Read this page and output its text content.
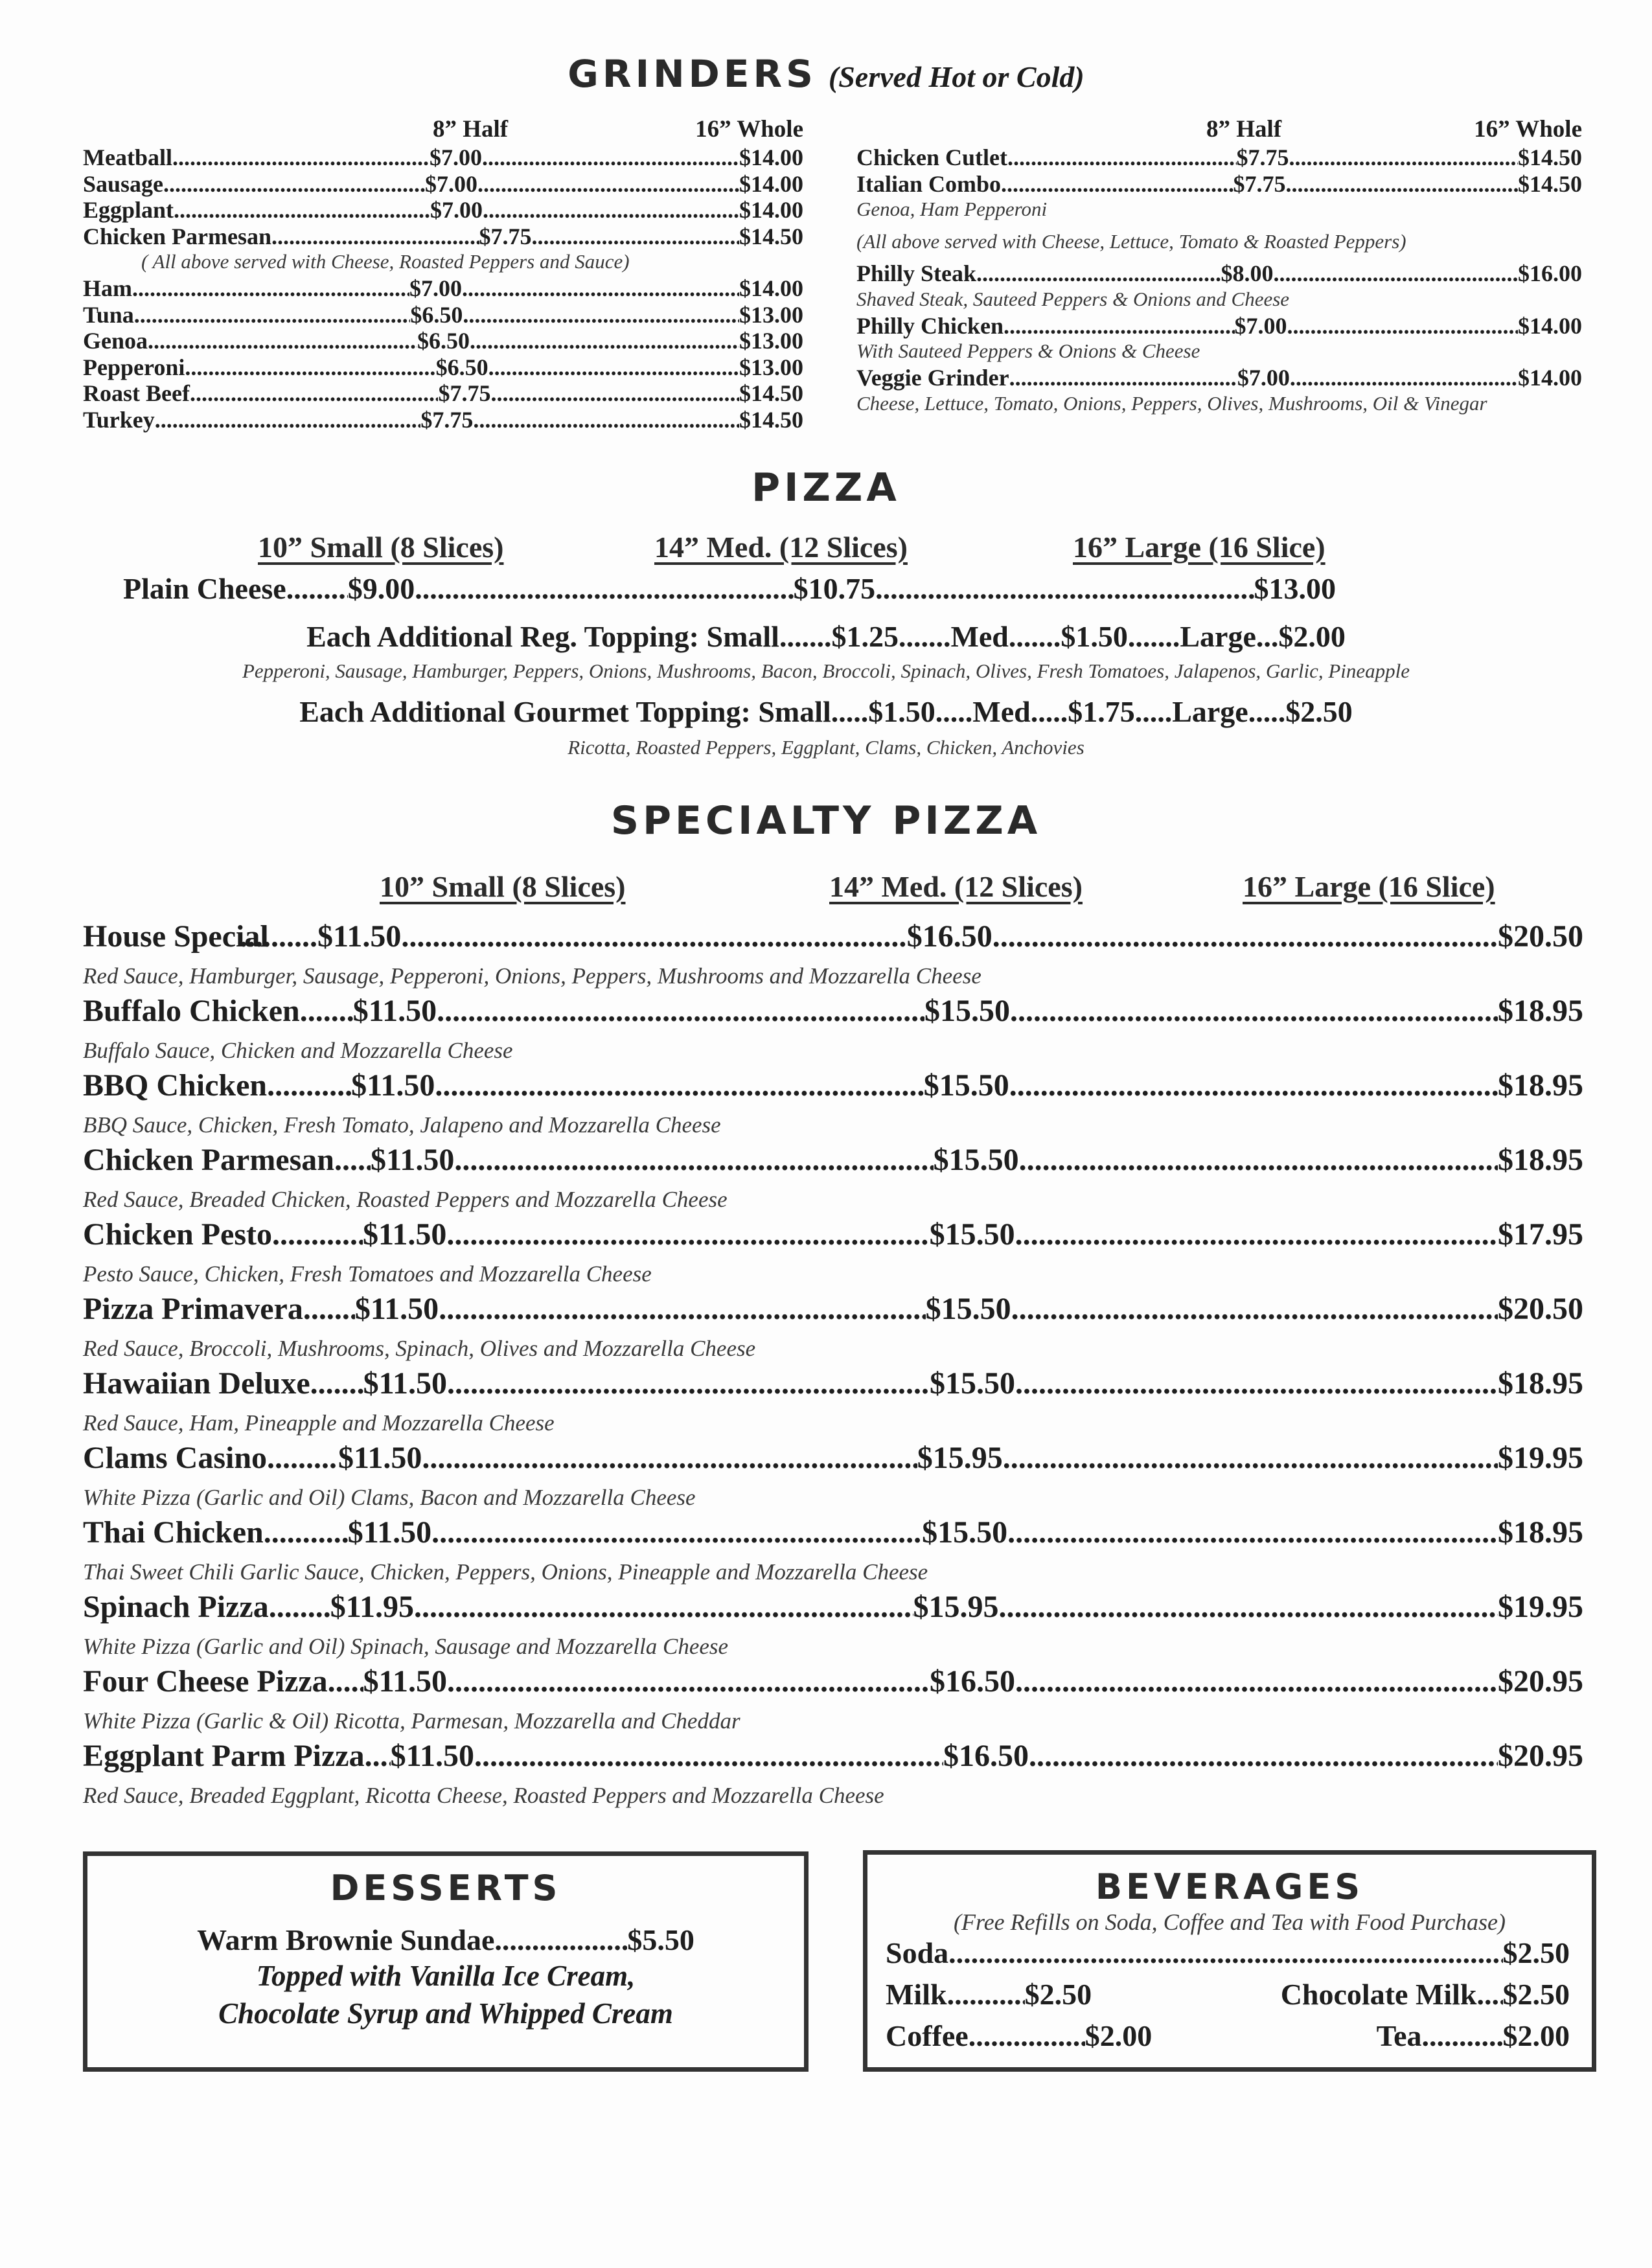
GRINDERS (Served Hot or Cold)
8” Half	16” Whole
Meatball .....	$7.00 .....	$14.00
Sausage .....	$7.00 .....	$14.00
Eggplant .....	$7.00 .....	$14.00
Chicken Parmesan .....	$7.75 .....	$14.50
( All above served with Cheese, Roasted Peppers and Sauce)
Ham .....	$7.00 .....	$14.00
Tuna .....	$6.50 .....	$13.00
Genoa .....	$6.50 .....	$13.00
Pepperoni .....	$6.50 .....	$13.00
Roast Beef .....	$7.75 .....	$14.50
Turkey .....	$7.75 .....	$14.50
8” Half	16” Whole
Chicken Cutlet .....	$7.75 .....	$14.50
Italian Combo .....	$7.75 .....	$14.50
Genoa, Ham Pepperoni
(All above served with Cheese, Lettuce, Tomato & Roasted Peppers)
Philly Steak .....	$8.00 .....	$16.00
Shaved Steak, Sauteed Peppers & Onions and Cheese
Philly Chicken .....	$7.00 .....	$14.00
With Sauteed Peppers & Onions & Cheese
Veggie Grinder .....	$7.00 .....	$14.00
Cheese, Lettuce, Tomato, Onions, Peppers, Olives, Mushrooms, Oil & Vinegar
PIZZA
10” Small (8 Slices)	14” Med. (12 Slices)	16” Large (16 Slice)
Plain Cheese ..... $9.00 .....	$10.75 .....	$13.00
Each Additional Reg. Topping: Small.......$1.25.......Med.......$1.50.......Large...$2.00
Pepperoni, Sausage, Hamburger, Peppers, Onions, Mushrooms, Bacon, Broccoli, Spinach, Olives, Fresh Tomatoes, Jalapenos, Garlic, Pineapple
Each Additional Gourmet Topping: Small.....$1.50.....Med.....$1.75.....Large.....$2.50
Ricotta, Roasted Peppers, Eggplant, Clams, Chicken, Anchovies
SPECIALTY PIZZA
10” Small (8 Slices)	14” Med. (12 Slices)	16” Large (16 Slice)
House Special ..... $11.50 .....	$16.50 .....	$20.50
Red Sauce, Hamburger, Sausage, Pepperoni, Onions, Peppers, Mushrooms and Mozzarella Cheese
Buffalo Chicken ..... $11.50 .....	$15.50 .....	$18.95
Buffalo Sauce, Chicken and Mozzarella Cheese
BBQ Chicken .....	$11.50 .....	$15.50 .....	$18.95
BBQ Sauce, Chicken, Fresh Tomato, Jalapeno and Mozzarella Cheese
Chicken Parmesan ..... $11.50 .....	$15.50 .....	$18.95
Red Sauce, Breaded Chicken, Roasted Peppers and Mozzarella Cheese
Chicken Pesto .....	$11.50 .....	$15.50 .....	$17.95
Pesto Sauce, Chicken, Fresh Tomatoes and Mozzarella Cheese
Pizza Primavera ..... $11.50 .....	$15.50 .....	$20.50
Red Sauce, Broccoli, Mushrooms, Spinach, Olives and Mozzarella Cheese
Hawaiian Deluxe ..... $11.50 .....	$15.50 .....	$18.95
Red Sauce, Ham, Pineapple and Mozzarella Cheese
Clams Casino ..... $11.50 .....	$15.95 .....	$19.95
White Pizza (Garlic and Oil) Clams, Bacon and Mozzarella Cheese
Thai Chicken .....	$11.50 .....	$15.50 .....	$18.95
Thai Sweet Chili Garlic Sauce, Chicken, Peppers, Onions, Pineapple and Mozzarella Cheese
Spinach Pizza ..... $11.95 .....	$15.95 .....	$19.95
White Pizza (Garlic and Oil) Spinach, Sausage and Mozzarella Cheese
Four Cheese Pizza ..... $11.50 .....	$16.50 .....	$20.95
White Pizza (Garlic & Oil) Ricotta, Parmesan, Mozzarella and Cheddar
Eggplant Parm Pizza ..... $11.50 .....	$16.50 .....	$20.95
Red Sauce, Breaded Eggplant, Ricotta Cheese, Roasted Peppers and Mozzarella Cheese
DESSERTS
Warm Brownie Sundae .....	$5.50
Topped with Vanilla Ice Cream,
Chocolate Syrup and Whipped Cream
BEVERAGES
(Free Refills on Soda, Coffee and Tea with Food Purchase)
Soda .....	$2.50
Milk .....	$2.50	Chocolate Milk ..... $2.50
Coffee .....	$2.00	Tea .....	$2.00
